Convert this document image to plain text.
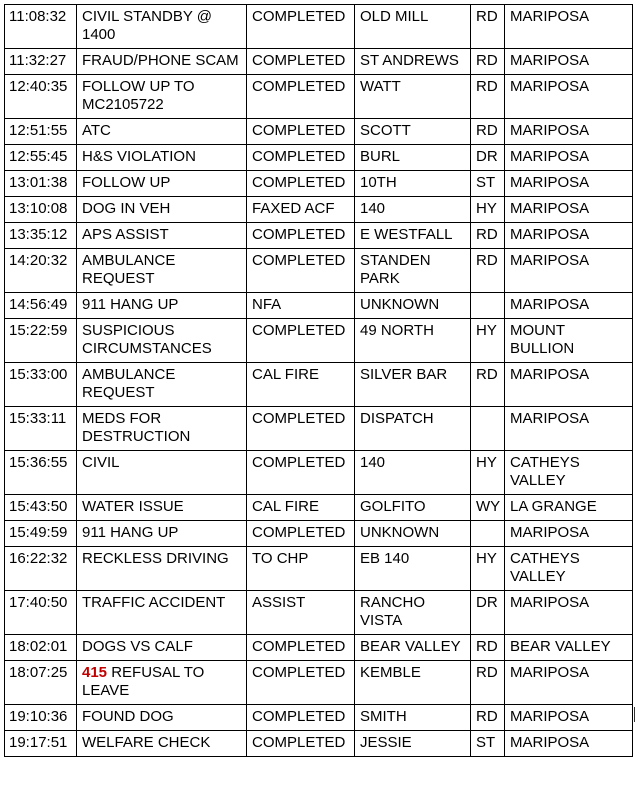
11:08:32	CIVIL STANDBY @ 1400	COMPLETED	OLD MILL	RD	MARIPOSA
11:32:27	FRAUD/PHONE SCAM	COMPLETED	ST ANDREWS	RD	MARIPOSA
12:40:35	FOLLOW UP TO MC2105722	COMPLETED	WATT	RD	MARIPOSA
12:51:55	ATC	COMPLETED	SCOTT	RD	MARIPOSA
12:55:45	H&S VIOLATION	COMPLETED	BURL	DR	MARIPOSA
13:01:38	FOLLOW UP	COMPLETED	10TH	ST	MARIPOSA
13:10:08	DOG IN VEH	FAXED ACF	140	HY	MARIPOSA
13:35:12	APS ASSIST	COMPLETED	E WESTFALL	RD	MARIPOSA
14:20:32	AMBULANCE REQUEST	COMPLETED	STANDEN PARK	RD	MARIPOSA
14:56:49	911 HANG UP	NFA	UNKNOWN		MARIPOSA
15:22:59	SUSPICIOUS CIRCUMSTANCES	COMPLETED	49 NORTH	HY	MOUNT BULLION
15:33:00	AMBULANCE REQUEST	CAL FIRE	SILVER BAR	RD	MARIPOSA
15:33:11	MEDS FOR DESTRUCTION	COMPLETED	DISPATCH		MARIPOSA
15:36:55	CIVIL	COMPLETED	140	HY	CATHEYS VALLEY
15:43:50	WATER ISSUE	CAL FIRE	GOLFITO	WY	LA GRANGE
15:49:59	911 HANG UP	COMPLETED	UNKNOWN		MARIPOSA
16:22:32	RECKLESS DRIVING	TO CHP	EB 140	HY	CATHEYS VALLEY
17:40:50	TRAFFIC ACCIDENT	ASSIST	RANCHO VISTA	DR	MARIPOSA
18:02:01	DOGS VS CALF	COMPLETED	BEAR VALLEY	RD	BEAR VALLEY
18:07:25	415 REFUSAL TO LEAVE	COMPLETED	KEMBLE	RD	MARIPOSA
19:10:36	FOUND DOG	COMPLETED	SMITH	RD	MARIPOSA
19:17:51	WELFARE CHECK	COMPLETED	JESSIE	ST	MARIPOSA
